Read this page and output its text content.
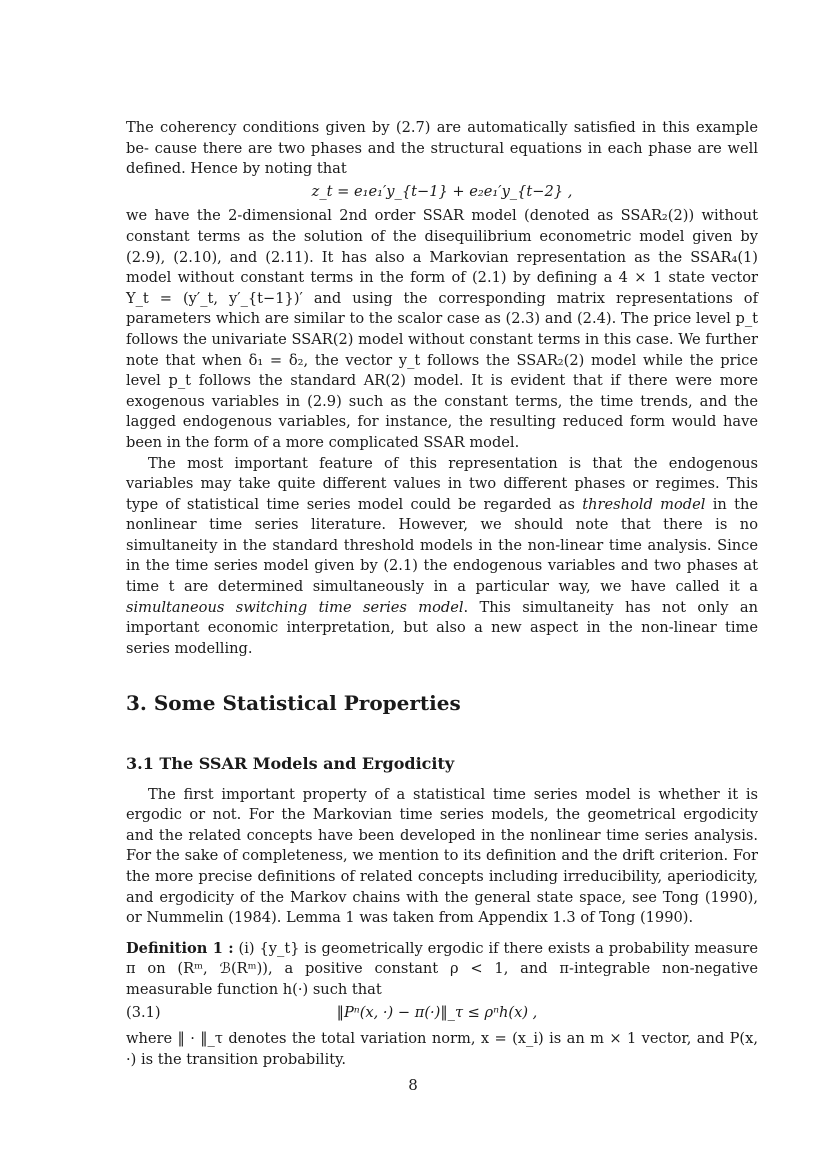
The coherency conditions given by (2.7) are automatically satisfied in this example be- cause there are two phases and the structural equations in each phase are well defined. Hence by noting that

z_t = e₁e₁′y_{t−1} + e₂e₁′y_{t−2} ,

we have the 2-dimensional 2nd order SSAR model (denoted as SSAR₂(2)) without constant terms as the solution of the disequilibrium econometric model given by (2.9), (2.10), and (2.11). It has also a Markovian representation as the SSAR₄(1) model without constant terms in the form of (2.1) by defining a 4 × 1 state vector Y_t = (y′_t, y′_{t−1})′ and using the corresponding matrix representations of parameters which are similar to the scalor case as (2.3) and (2.4). The price level p_t follows the univariate SSAR(2) model without constant terms in this case. We further note that when δ₁ = δ₂, the vector y_t follows the SSAR₂(2) model while the price level p_t follows the standard AR(2) model. It is evident that if there were more exogenous variables in (2.9) such as the constant terms, the time trends, and the lagged endogenous variables, for instance, the resulting reduced form would have been in the form of a more complicated SSAR model.

The most important feature of this representation is that the endogenous variables may take quite different values in two different phases or regimes. This type of statistical time series model could be regarded as threshold model in the nonlinear time series literature. However, we should note that there is no simultaneity in the standard threshold models in the non-linear time analysis. Since in the time series model given by (2.1) the endogenous variables and two phases at time t are determined simultaneously in a particular way, we have called it a simultaneous switching time series model. This simultaneity has not only an important economic interpretation, but also a new aspect in the non-linear time series modelling.

3. Some Statistical Properties
3.1 The SSAR Models and Ergodicity

The first important property of a statistical time series model is whether it is ergodic or not. For the Markovian time series models, the geometrical ergodicity and the related concepts have been developed in the nonlinear time series analysis. For the sake of completeness, we mention to its definition and the drift criterion. For the more precise definitions of related concepts including irreducibility, aperiodicity, and ergodicity of the Markov chains with the general state space, see Tong (1990), or Nummelin (1984). Lemma 1 was taken from Appendix 1.3 of Tong (1990).

Definition 1 : (i) {y_t} is geometrically ergodic if there exists a probability measure π on (Rᵐ, ℬ(Rᵐ)), a positive constant ρ < 1, and π-integrable non-negative measurable function h(·) such that

(3.1)	‖Pⁿ(x, ·) − π(·)‖_τ ≤ ρⁿh(x) ,

where ‖ · ‖_τ denotes the total variation norm, x = (x_i) is an m × 1 vector, and P(x, ·) is the transition probability.

8
